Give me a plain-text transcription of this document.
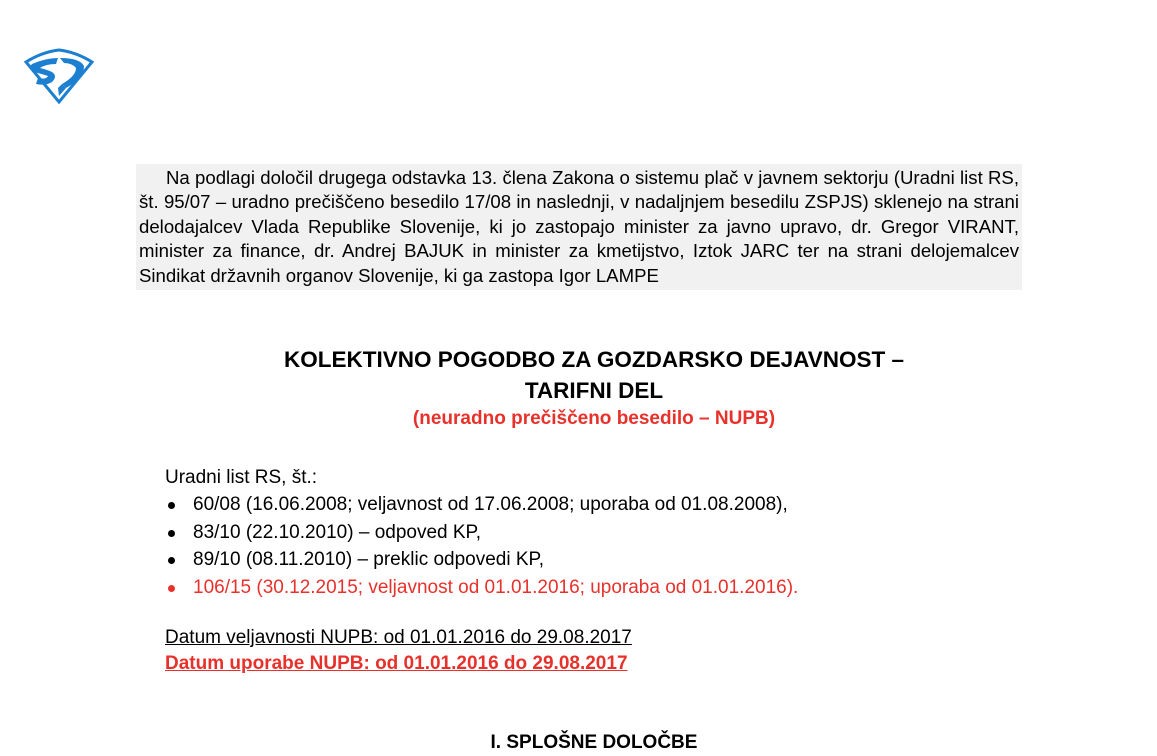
Na podlagi določil drugega odstavka 13. člena Zakona o sistemu plač v javnem sektorju (Uradni list RS, št. 95/07 – uradno prečiščeno besedilo 17/08 in naslednji, v nadaljnjem besedilu ZSPJS) sklenejo na strani delodajalcev Vlada Republike Slovenije, ki jo zastopajo minister za javno upravo, dr. Gregor VIRANT, minister za finance, dr. Andrej BAJUK in minister za kmetijstvo, Iztok JARC ter na strani delojemalcev Sindikat državnih organov Slovenije, ki ga zastopa Igor LAMPE
KOLEKTIVNO POGODBO ZA GOZDARSKO DEJAVNOST –
TARIFNI DEL
(neuradno prečiščeno besedilo – NUPB)
Uradni list RS, št.:
60/08 (16.06.2008; veljavnost od 17.06.2008; uporaba od 01.08.2008),
83/10 (22.10.2010) – odpoved KP,
89/10 (08.11.2010) – preklic odpovedi KP,
106/15 (30.12.2015; veljavnost od 01.01.2016; uporaba od 01.01.2016).
Datum veljavnosti NUPB: od 01.01.2016 do 29.08.2017
Datum uporabe NUPB: od 01.01.2016 do 29.08.2017
I. SPLOŠNE DOLOČBE
